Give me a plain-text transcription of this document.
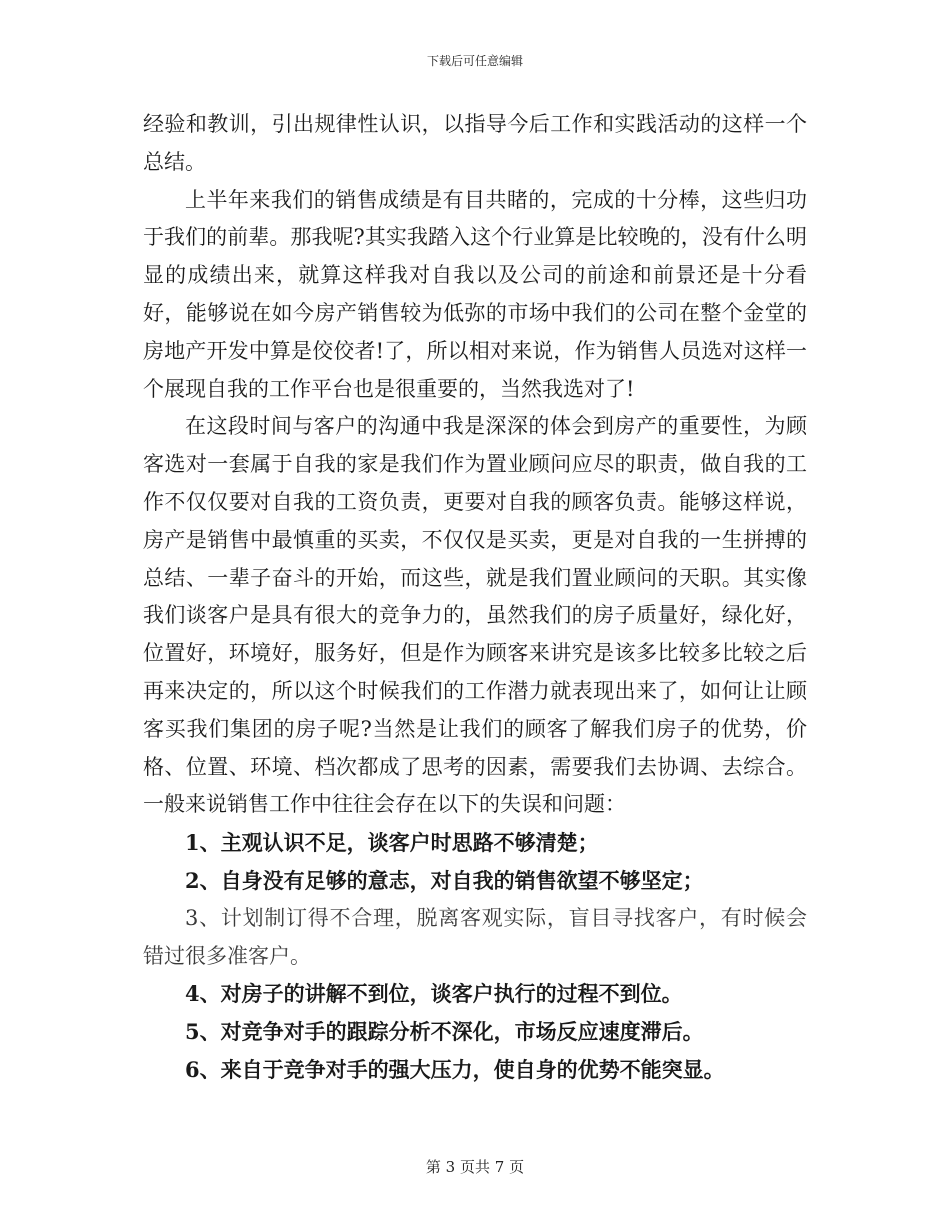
下载后可任意编辑

经验和教训，引出规律性认识，以指导今后工作和实践活动的这样一个总结。

上半年来我们的销售成绩是有目共睹的，完成的十分棒，这些归功于我们的前辈。那我呢?其实我踏入这个行业算是比较晚的，没有什么明显的成绩出来，就算这样我对自我以及公司的前途和前景还是十分看好，能够说在如今房产销售较为低弥的市场中我们的公司在整个金堂的房地产开发中算是佼佼者!了，所以相对来说，作为销售人员选对这样一个展现自我的工作平台也是很重要的，当然我选对了!

在这段时间与客户的沟通中我是深深的体会到房产的重要性，为顾客选对一套属于自我的家是我们作为置业顾问应尽的职责，做自我的工作不仅仅要对自我的工资负责，更要对自我的顾客负责。能够这样说，房产是销售中最慎重的买卖，不仅仅是买卖，更是对自我的一生拼搏的总结、一辈子奋斗的开始，而这些，就是我们置业顾问的天职。其实像我们谈客户是具有很大的竞争力的，虽然我们的房子质量好，绿化好，位置好，环境好，服务好，但是作为顾客来讲究是该多比较多比较之后再来决定的，所以这个时候我们的工作潜力就表现出来了，如何让让顾客买我们集团的房子呢?当然是让我们的顾客了解我们房子的优势，价格、位置、环境、档次都成了思考的因素，需要我们去协调、去综合。一般来说销售工作中往往会存在以下的失误和问题：

1、主观认识不足，谈客户时思路不够清楚；

2、自身没有足够的意志，对自我的销售欲望不够坚定；

3、计划制订得不合理，脱离客观实际，盲目寻找客户，有时候会错过很多准客户。

4、对房子的讲解不到位，谈客户执行的过程不到位。

5、对竞争对手的跟踪分析不深化，市场反应速度滞后。

6、来自于竞争对手的强大压力，使自身的优势不能突显。

第 3 页共 7 页
